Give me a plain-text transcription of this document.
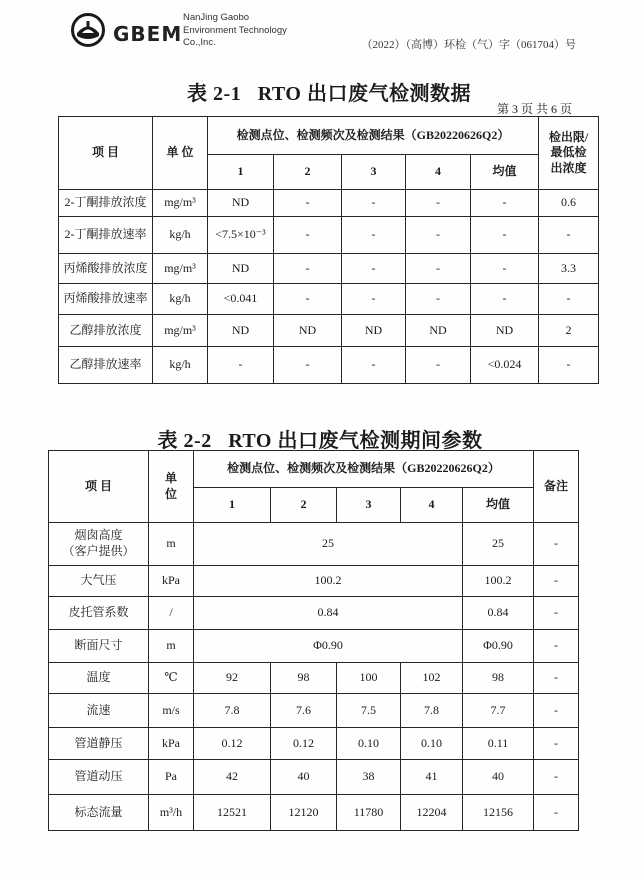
GBEM
NanJing Gaobo
Environment Technology
Co.,Inc.	（2022）（高博）环检（气）字（061704）号
表 2-1   RTO 出口废气检测数据
第 3 页 共 6 页
项 目	单 位	检测点位、检测频次及检测结果（GB20220626Q2）					检出限/
最低检
出浓度

		1	2	3	4	均值	
2-丁酮排放浓度	mg/m³	ND	-	-	-	-	0.6
2-丁酮排放速率	kg/h	<7.5×10⁻³	-	-	-	-	-
丙烯酸排放浓度	mg/m³	ND	-	-	-	-	3.3
丙烯酸排放速率	kg/h	<0.041	-	-	-	-	-
乙醇排放浓度	mg/m³	ND	ND	ND	ND	ND	2
乙醇排放速率	kg/h	-	-	-	-	<0.024	-
表 2-2   RTO 出口废气检测期间参数
项 目	单
位	检测点位、检测频次及检测结果（GB20220626Q2）					备注
		1	2	3	4	均值	

烟囱高度
（客户提供）	m	25				25	-

大气压	kPa	100.2				100.2	-

皮托管系数	/	0.84				0.84	-

断面尺寸	m	Φ0.90				Φ0.90	-

温度	℃	92	98	100	102	98	-

流速	m/s	7.8	7.6	7.5	7.8	7.7	-

管道静压	kPa	0.12	0.12	0.10	0.10	0.11	-

管道动压	Pa	42	40	38	41	40	-

标态流量	m³/h	12521	12120	11780	12204	12156	-
